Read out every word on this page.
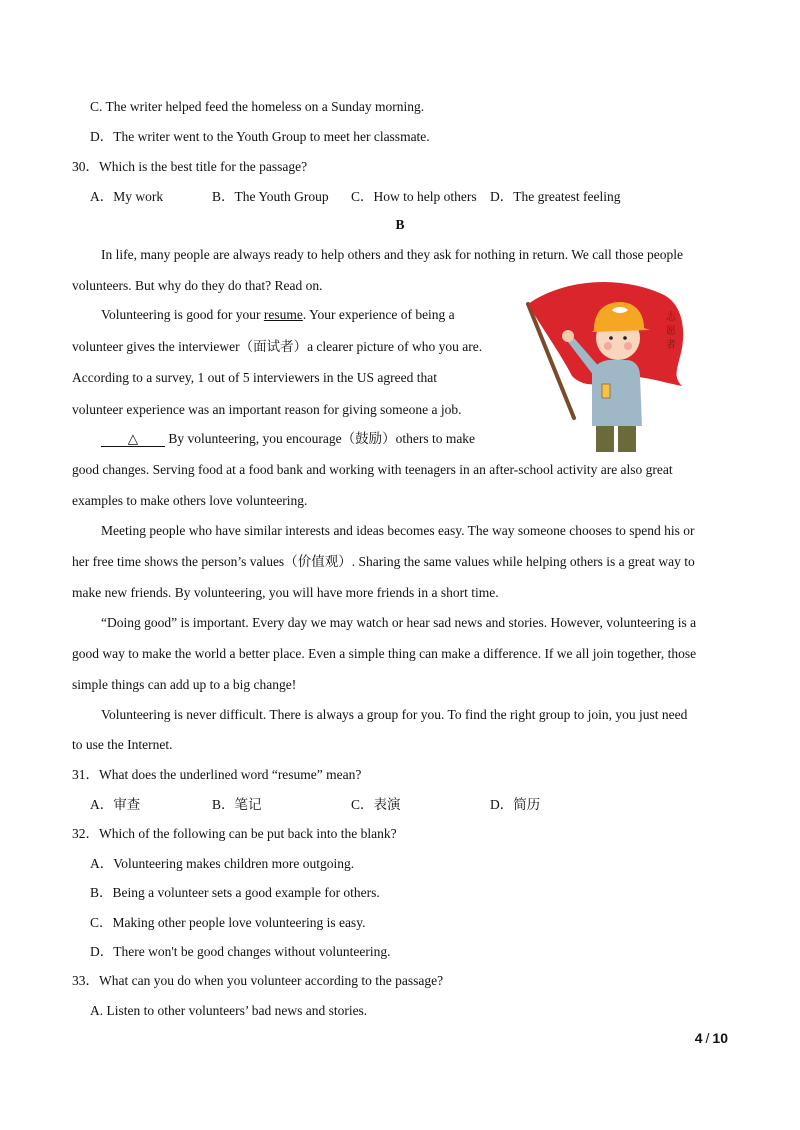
C. The writer helped feed the homeless on a Sunday morning.
D．The writer went to the Youth Group to meet her classmate.
30．Which is the best title for the passage?
A．My work	B．The Youth Group C．How to help others D．The greatest feeling
B
In life, many people are always ready to help others and they ask for nothing in return. We call those people
volunteers. But why do they do that? Read on.
Volunteering is good for your resume. Your experience of being a
volunteer gives the interviewer（面试者）a clearer picture of who you are.
According to a survey, 1 out of 5 interviewers in the US agreed that
volunteer experience was an important reason for giving someone a job.
△ By volunteering, you encourage（鼓励）others to make
good changes. Serving food at a food bank and working with teenagers in an after-school activity are also great
examples to make others love volunteering.
Meeting people who have similar interests and ideas becomes easy. The way someone chooses to spend his or
her free time shows the person’s values（价值观）. Sharing the same values while helping others is a great way to
make new friends. By volunteering, you will have more friends in a short time.
“Doing good” is important. Every day we may watch or hear sad news and stories. However, volunteering is a
good way to make the world a better place. Even a simple thing can make a difference. If we all join together, those
simple things can add up to a big change!
Volunteering is never difficult. There is always a group for you. To find the right group to join, you just need
to use the Internet.
志愿者
31．What does the underlined word “resume” mean?
A．审查	B．笔记	C．表演	D．简历
32．Which of the following can be put back into the blank?
A．Volunteering makes children more outgoing.
B．Being a volunteer sets a good example for others.
C．Making other people love volunteering is easy.
D．There won't be good changes without volunteering.
33．What can you do when you volunteer according to the passage?
A. Listen to other volunteers’ bad news and stories.
4 / 10
